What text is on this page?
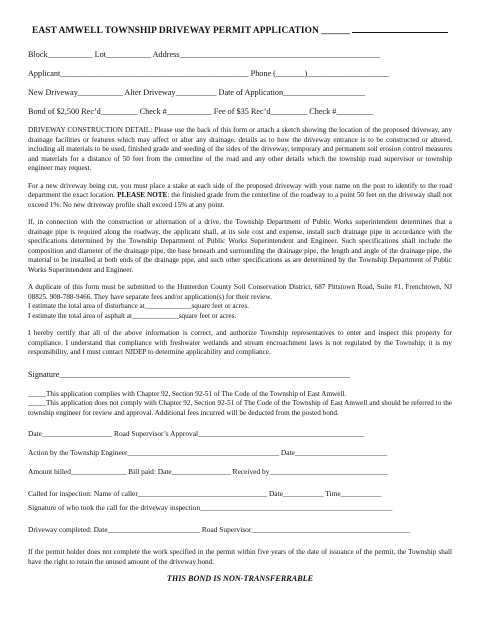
EAST AMWELL TOWNSHIP DRIVEWAY PERMIT APPLICATION ______
Block___________ Lot___________ Address_________________________________________________
Applicant______________________________________________ Phone (_______)____________________
New Driveway___________ Alter Driveway__________ Date of Application____________________
Bond of $2,500 Rec’d_________ Check #___________ Fee of $35 Rec’d_________ Check #_________

DRIVEWAY CONSTRUCTION DETAIL: Please use the back of this form or attach a sketch showing the location of the proposed driveway, any drainage facilities or features which may affect or alter any drainage, details as to how the driveway entrance is to be constructed or altered, including all materials to be used, finished grade and seeding of the sides of the driveway, temporary and permanent soil erosion control measures and materials for a distance of 50 feet from the centerline of the road and any other details which the township road supervisor or township engineer may request.

For a new driveway being cut, you must place a stake at each side of the proposed driveway with your name on the post to identify to the road department the exact location. PLEASE NOTE: the finished grade from the centerline of the roadway to a point 50 feet on the driveway shall not exceed 1%. No new driveway profile shall exceed 15% at any point.

If, in connection with the construction or alternation of a drive, the Township Department of Public Works superintendent determines that a drainage pipe is required along the roadway, the applicant shall, at its sole cost and expense, install such drainage pipe in accordance with the specifications determined by the Township Department of Public Works Superintendent and Engineer. Such specifications shall include the composition and diameter of the drainage pipe, the base beneath and surrounding the drainage pipe, the length and angle of the drainage pipe, the material to be installed at both ends of the drainage pipe, and such other specifications as are determined by the Township Department of Public Works Superintendent and Engineer.

A duplicate of this form must be submitted to the Hunterdon County Soil Conservation District, 687 Pittstown Road, Suite #1, Frenchtown, NJ 08825. 908-788-9466. They have separate fees and/or application(s) for their review.

I estimate the total area of disturbance at_____________square feet or acres.

I estimate the total area of asphalt at_____________square feet or acres.

I hereby certify that all of the above information is correct, and authorize Township representatives to enter and inspect this property for compliance. I understand that compliance with freshwater wetlands and stream encroachment laws is not regulated by the Township; it is my responsibility, and I must contact NJDEP to determine applicability and compliance.

Signature_______________________________________________________________________
_____This application complies with Chapter 92, Section 92-51 of The Code of the Township of East Amwell.
_____This application does not comply with Chapter 92, Section 92-51 of The Code of the Township of East Amwell and should be referred to the township engineer for review and approval. Additional fees incurred will be deducted from the posted bond.
Date___________________ Road Supervisor’s Approval_____________________________________________
Action by the Township Engineer_________________________________________ Date_________________________
Amount billed_______________ Bill paid: Date________________ Received by________________________________
Called for inspection: Name of caller___________________________________ Date___________ Time___________
Signature of who took the call for the driveway inspection____________________________________________________
Driveway completed: Date_________________________ Road Supervisor___________________________________________

If the permit holder does not complete the work specified in the permit within five years of the date of issuance of the permit, the Township shall have the right to retain the unused amount of the driveway bond.

THIS BOND IS NON-TRANSFERRABLE
